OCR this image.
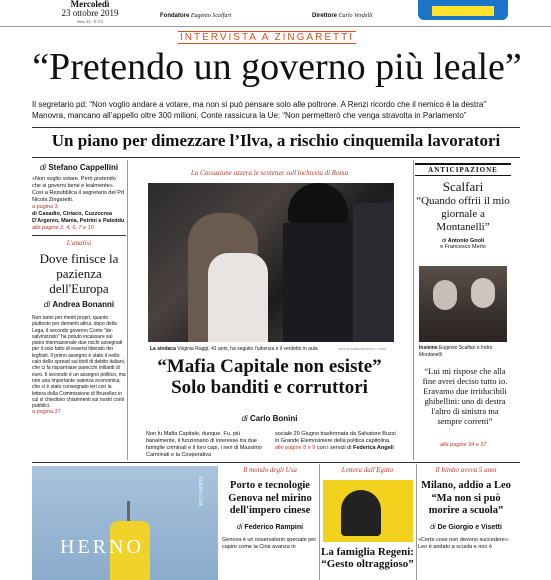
Mercoledì
23 ottobre 2019
Anno 44 - N 251
Fondatore Eugenio Scalfari	Direttore Carlo Verdelli
INTERVISTA A ZINGARETTI
“Pretendo un governo più leale”
Il segretario pd: “Non voglio andare a votare, ma non si può pensare solo alle poltrone. A Renzi ricordo che il nemico è la destra”
Manovra, mancano all’appello oltre 300 milioni. Conte rassicura la Ue: “Non permetterò che venga stravolta in Parlamento”
Un piano per dimezzare l’Ilva, a rischio cinquemila lavoratori
di Stefano Cappellini
«Non voglio votare. Però pretendo che si governi bene e lealmente». Così a Repubblica il segretario del Pd Nicola Zingaretti.
a pagina 3
di Casadio, Ciriaco, Cuzzocrea D'Argenio, Mania, Petrini e Paleddu
alle pagine 2, 4, 6, 7 e 10
L'analisi
Dove finisce la pazienza dell'Europa
di Andrea Bonanni
Non tanto per meriti propri, quanto piuttosto per demeriti altrui, dopo della Lega, il secondo governo Conte "de-salvinizzato" ha potuto incassare sul piano internazionale due rischi assegnati per il solo fatto di essersi liberato dei leghisti. Il primo assegno è stato il netto calo dello spread sui titoli di debito italiani, che ci fa risparmiare parecchi miliardi di euro. Il secondo è un assegno politico, ma non una importante valenza economica, che ci è stato consegnato ieri con la lettera della Commissione di Bruxelles in cui si chiedono chiarimenti sui nostri conti pubblici.
a pagina 37
La Cassazione azzera le sentenze sull'inchiesta di Roma
La sindaca Virginia Raggi, 41 anni, ha seguito l'udienza e il verdetto in aula	FOTO DI FABIO FRUSTACI / ANSA
“Mafia Capitale non esiste”
Solo banditi e corruttori
di Carlo Bonini
Non fu Mafia Capitale, dunque. Fu, più banalmente, il funzionario di interesse tra due famiglie criminali e il loro capi, i neri di Massimo Carminati e la Cooperativa
sociale 29 Giugno trasformata da Salvatore Buzzi in Grande Elemosiniere della politica capitolina. alle pagine 8 e 9 con i servizi di Federica Angeli
ANTICIPAZIONE
Scalfari
“Quando offrii il mio giornale a Montanelli”
di Antonio Gnoli
e Francesco Merlo
Insieme Eugenio Scalfari e Indro Montanelli
“Lui mi rispose che alla fine avrei deciso tutto io. Eravamo due irriducibili ghibellini: uno di destra l'altro di sinistra ma sempre corretti”
alle pagine 34 e 37
HERNO
HERNO.COM
Il mondo degli Usa
Porto e tecnologie Genova nel mirino dell'impero cinese
di Federico Rampini
Genova è un osservatorio speciale per capire come la Cina avanza in
Lettera dall'Egitto
La famiglia Regeni: “Gesto oltraggioso”
Il bimbo aveva 5 anni
Milano, addio a Leo “Ma non si può morire a scuola”
di De Giorgio e Visetti
«Certe cose non devono succedere». Leo è andato a scuola e non è
